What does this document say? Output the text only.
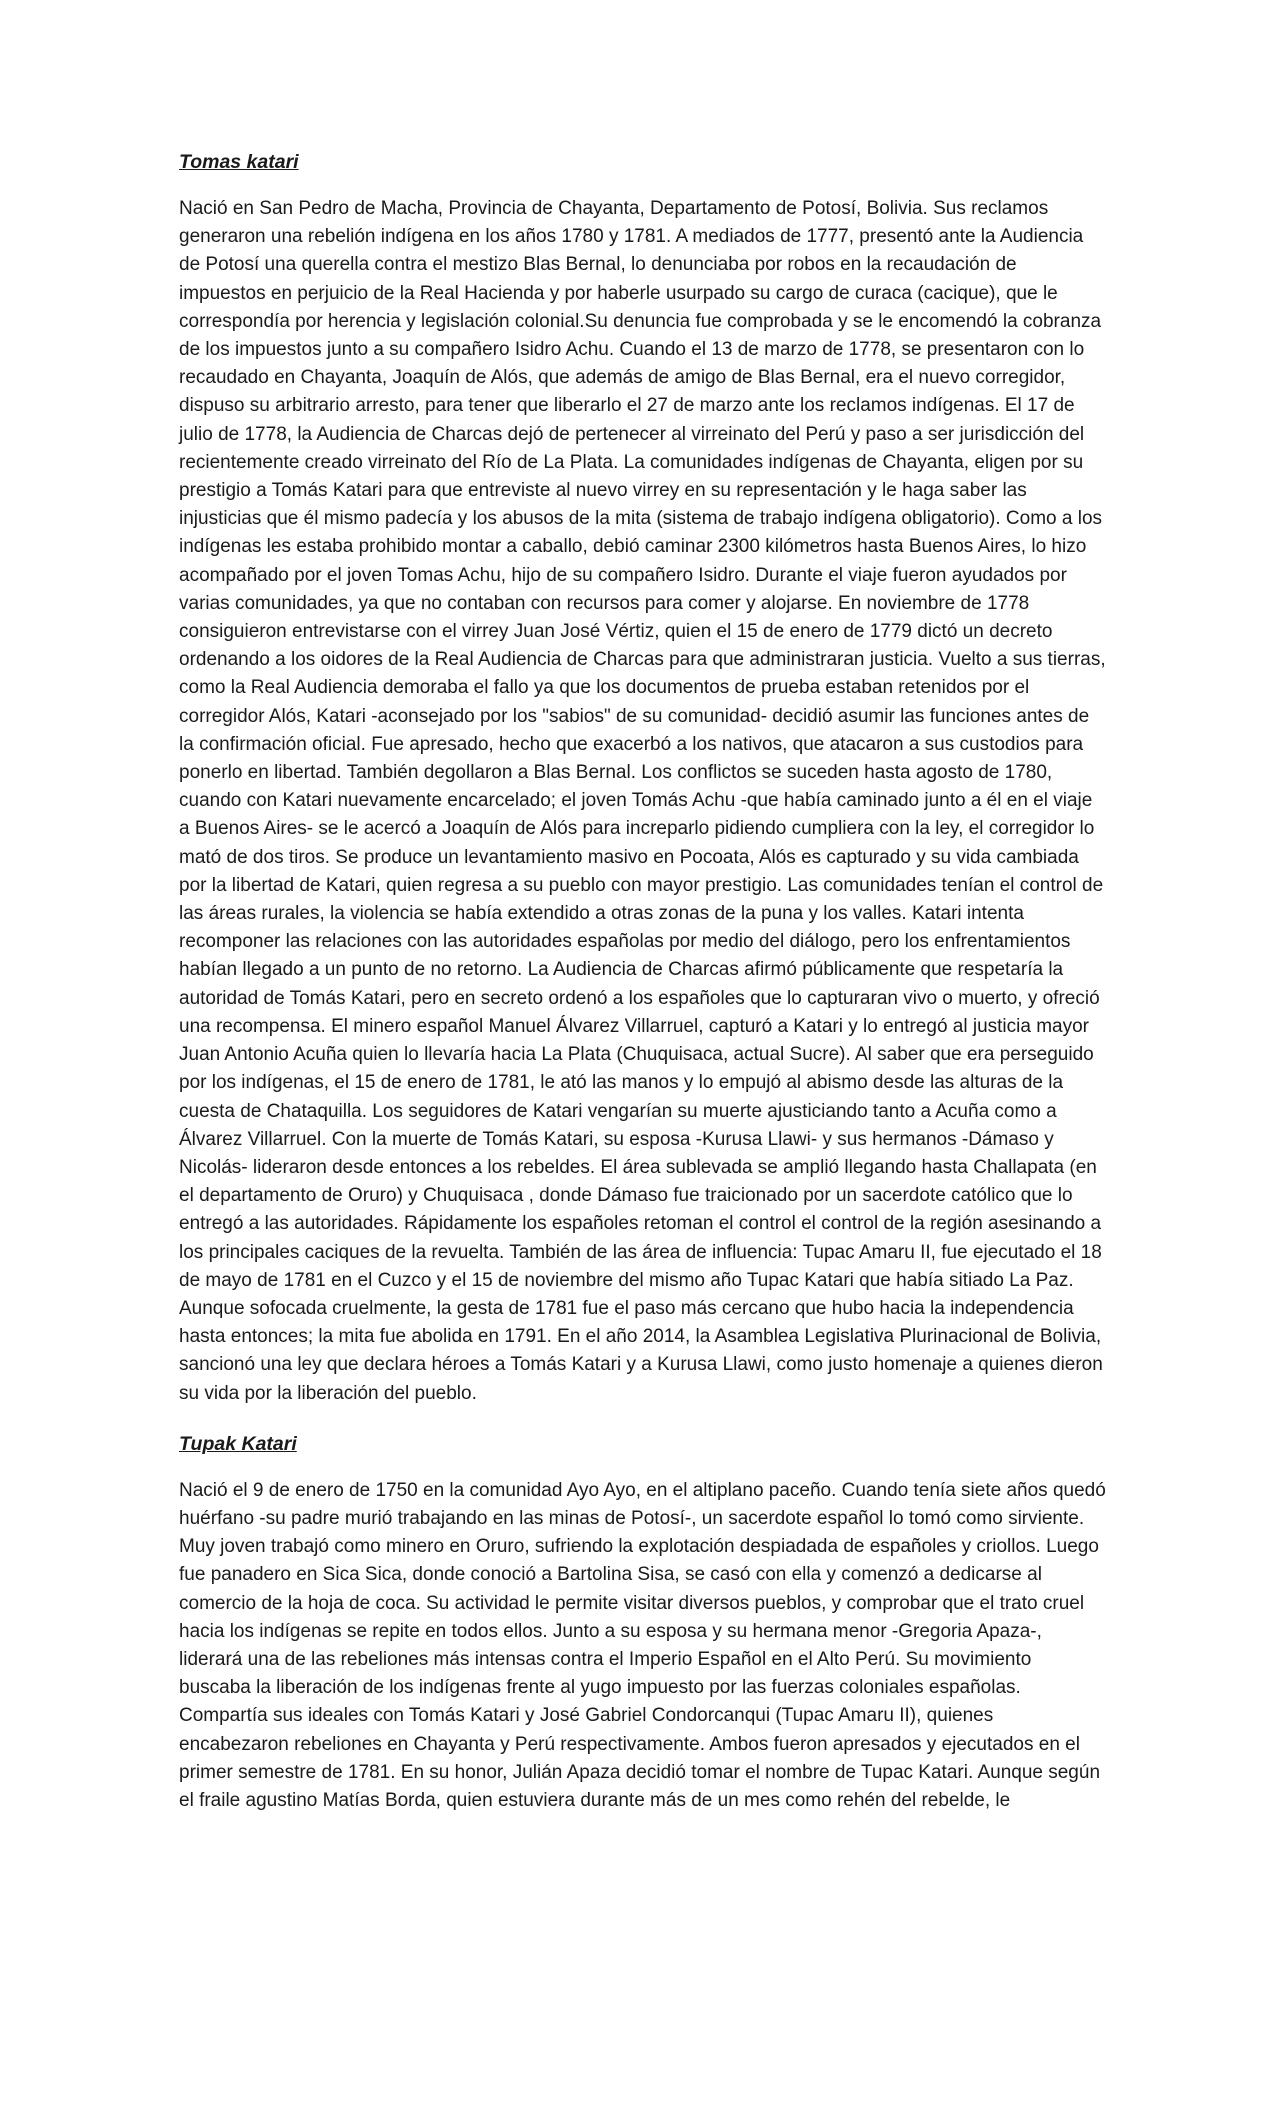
Tomas katari

Nació en San Pedro de Macha, Provincia de Chayanta, Departamento de Potosí, Bolivia. Sus reclamos generaron una rebelión indígena en los años 1780 y 1781. A mediados de 1777, presentó ante la Audiencia de Potosí una querella contra el mestizo Blas Bernal, lo denunciaba por robos en la recaudación de impuestos en perjuicio de la Real Hacienda y por haberle usurpado su cargo de curaca (cacique), que le correspondía por herencia y legislación colonial.Su denuncia fue comprobada y se le encomendó la cobranza de los impuestos junto a su compañero Isidro Achu. Cuando el 13 de marzo de 1778, se presentaron con lo recaudado en Chayanta, Joaquín de Alós, que además de amigo de Blas Bernal, era el nuevo corregidor, dispuso su arbitrario arresto, para tener que liberarlo el 27 de marzo ante los reclamos indígenas. El 17 de julio de 1778, la Audiencia de Charcas dejó de pertenecer al virreinato del Perú y paso a ser jurisdicción del recientemente creado virreinato del Río de La Plata. La comunidades indígenas de Chayanta, eligen por su prestigio a Tomás Katari para que entreviste al nuevo virrey en su representación y le haga saber las injusticias que él mismo padecía y los abusos de la mita (sistema de trabajo indígena obligatorio). Como a los indígenas les estaba prohibido montar a caballo, debió caminar 2300 kilómetros hasta Buenos Aires, lo hizo acompañado por el joven Tomas Achu, hijo de su compañero Isidro. Durante el viaje fueron ayudados por varias comunidades, ya que no contaban con recursos para comer y alojarse. En noviembre de 1778 consiguieron entrevistarse con el virrey Juan José Vértiz, quien el 15 de enero de 1779 dictó un decreto ordenando a los oidores de la Real Audiencia de Charcas para que administraran justicia. Vuelto a sus tierras, como la Real Audiencia demoraba el fallo ya que los documentos de prueba estaban retenidos por el corregidor Alós, Katari -aconsejado por los "sabios" de su comunidad- decidió asumir las funciones antes de la confirmación oficial. Fue apresado, hecho que exacerbó a los nativos, que atacaron a sus custodios para ponerlo en libertad. También degollaron a Blas Bernal. Los conflictos se suceden hasta agosto de 1780, cuando con Katari nuevamente encarcelado; el joven Tomás Achu -que había caminado junto a él en el viaje a Buenos Aires- se le acercó a Joaquín de Alós para increparlo pidiendo cumpliera con la ley, el corregidor lo mató de dos tiros. Se produce un levantamiento masivo en Pocoata, Alós es capturado y su vida cambiada por la libertad de Katari, quien regresa a su pueblo con mayor prestigio. Las comunidades tenían el control de las áreas rurales, la violencia se había extendido a otras zonas de la puna y los valles. Katari intenta recomponer las relaciones con las autoridades españolas por medio del diálogo, pero los enfrentamientos habían llegado a un punto de no retorno. La Audiencia de Charcas afirmó públicamente que respetaría la autoridad de Tomás Katari, pero en secreto ordenó a los españoles que lo capturaran vivo o muerto, y ofreció una recompensa. El minero español Manuel Álvarez Villarruel, capturó a Katari y lo entregó al justicia mayor Juan Antonio Acuña quien lo llevaría hacia La Plata (Chuquisaca, actual Sucre). Al saber que era perseguido por los indígenas, el 15 de enero de 1781, le ató las manos y lo empujó al abismo desde las alturas de la cuesta de Chataquilla. Los seguidores de Katari vengarían su muerte ajusticiando tanto a Acuña como a Álvarez Villarruel. Con la muerte de Tomás Katari, su esposa -Kurusa Llawi- y sus hermanos -Dámaso y Nicolás- lideraron desde entonces a los rebeldes. El área sublevada se amplió llegando hasta Challapata (en el departamento de Oruro) y Chuquisaca , donde Dámaso fue traicionado por un sacerdote católico que lo entregó a las autoridades. Rápidamente los españoles retoman el control el control de la región asesinando a los principales caciques de la revuelta. También de las área de influencia: Tupac Amaru II, fue ejecutado el 18 de mayo de 1781 en el Cuzco y el 15 de noviembre del mismo año Tupac Katari que había sitiado La Paz. Aunque sofocada cruelmente, la gesta de 1781 fue el paso más cercano que hubo hacia la independencia hasta entonces; la mita fue abolida en 1791. En el año 2014, la Asamblea Legislativa Plurinacional de Bolivia, sancionó una ley que declara héroes a Tomás Katari y a Kurusa Llawi, como justo homenaje a quienes dieron su vida por la liberación del pueblo.

Tupak Katari

Nació el 9 de enero de 1750 en la comunidad Ayo Ayo, en el altiplano paceño. Cuando tenía siete años quedó huérfano -su padre murió trabajando en las minas de Potosí-, un sacerdote español lo tomó como sirviente. Muy joven trabajó como minero en Oruro, sufriendo la explotación despiadada de españoles y criollos. Luego fue panadero en Sica Sica, donde conoció a Bartolina Sisa, se casó con ella y comenzó a dedicarse al comercio de la hoja de coca. Su actividad le permite visitar diversos pueblos, y comprobar que el trato cruel hacia los indígenas se repite en todos ellos. Junto a su esposa y su hermana menor -Gregoria Apaza-, liderará una de las rebeliones más intensas contra el Imperio Español en el Alto Perú. Su movimiento buscaba la liberación de los indígenas frente al yugo impuesto por las fuerzas coloniales españolas. Compartía sus ideales con Tomás Katari y José Gabriel Condorcanqui (Tupac Amaru II), quienes encabezaron rebeliones en Chayanta y Perú respectivamente. Ambos fueron apresados y ejecutados en el primer semestre de 1781. En su honor, Julián Apaza decidió tomar el nombre de Tupac Katari. Aunque según el fraile agustino Matías Borda, quien estuviera durante más de un mes como rehén del rebelde, le
